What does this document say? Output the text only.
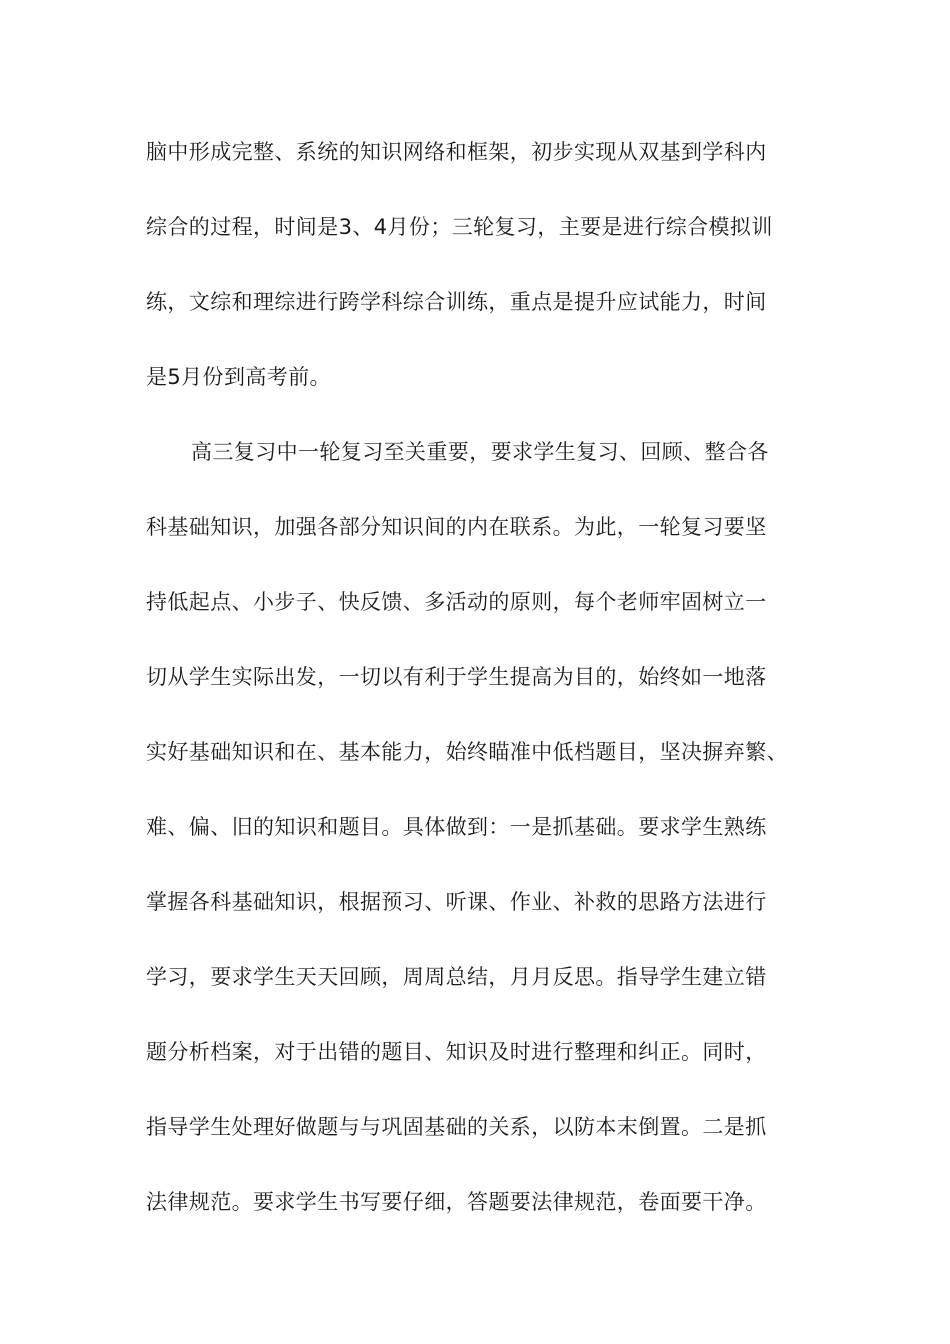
脑中形成完整、系统的知识网络和框架，初步实现从双基到学科内
综合的过程，时间是3、4月份；三轮复习，主要是进行综合模拟训
练，文综和理综进行跨学科综合训练，重点是提升应试能力，时间
是5月份到高考前。
高三复习中一轮复习至关重要，要求学生复习、回顾、整合各
科基础知识，加强各部分知识间的内在联系。为此，一轮复习要坚
持低起点、小步子、快反馈、多活动的原则，每个老师牢固树立一
切从学生实际出发，一切以有利于学生提高为目的，始终如一地落
实好基础知识和在、基本能力，始终瞄准中低档题目，坚决摒弃繁、
难、偏、旧的知识和题目。具体做到：一是抓基础。要求学生熟练
掌握各科基础知识，根据预习、听课、作业、补救的思路方法进行
学习，要求学生天天回顾，周周总结，月月反思。指导学生建立错
题分析档案，对于出错的题目、知识及时进行整理和纠正。同时，
指导学生处理好做题与与巩固基础的关系，以防本末倒置。二是抓
法律规范。要求学生书写要仔细，答题要法律规范，卷面要干净。
